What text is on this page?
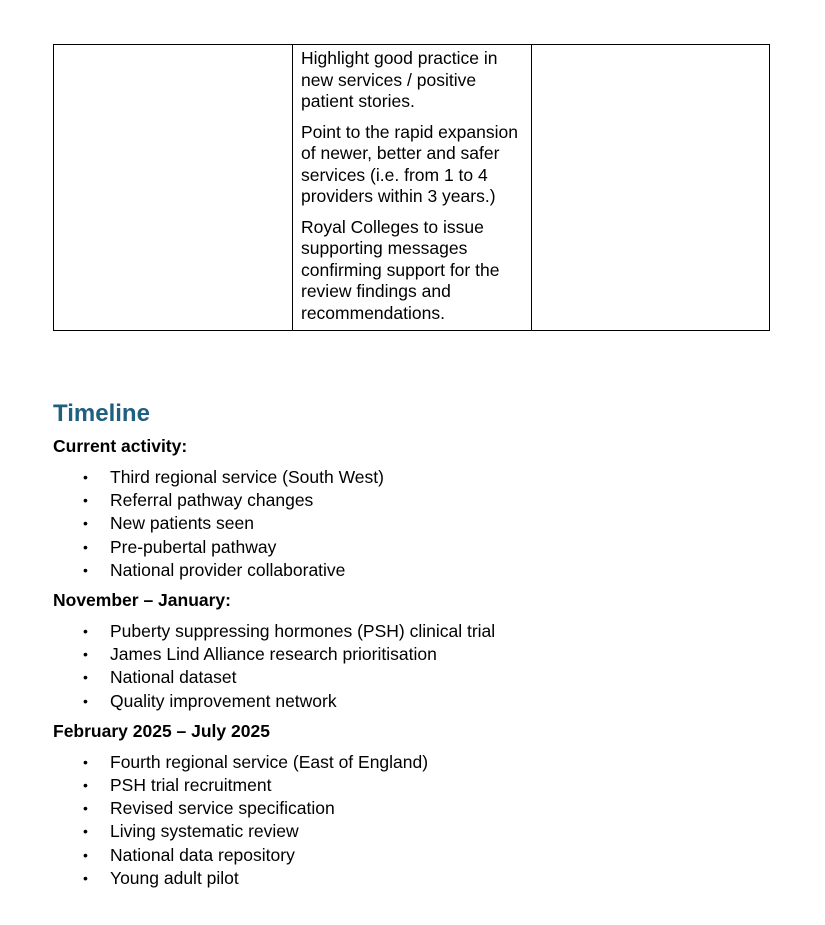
Highlight good practice in new services / positive patient stories.

Point to the rapid expansion of newer, better and safer services (i.e. from 1 to 4 providers within 3 years.)

Royal Colleges to issue supporting messages confirming support for the review findings and recommendations.

Timeline
Current activity:
• Third regional service (South West)
• Referral pathway changes
• New patients seen
• Pre-pubertal pathway
• National provider collaborative
November – January:
• Puberty suppressing hormones (PSH) clinical trial
• James Lind Alliance research prioritisation
• National dataset
• Quality improvement network
February 2025 – July 2025
• Fourth regional service (East of England)
• PSH trial recruitment
• Revised service specification
• Living systematic review
• National data repository
• Young adult pilot
